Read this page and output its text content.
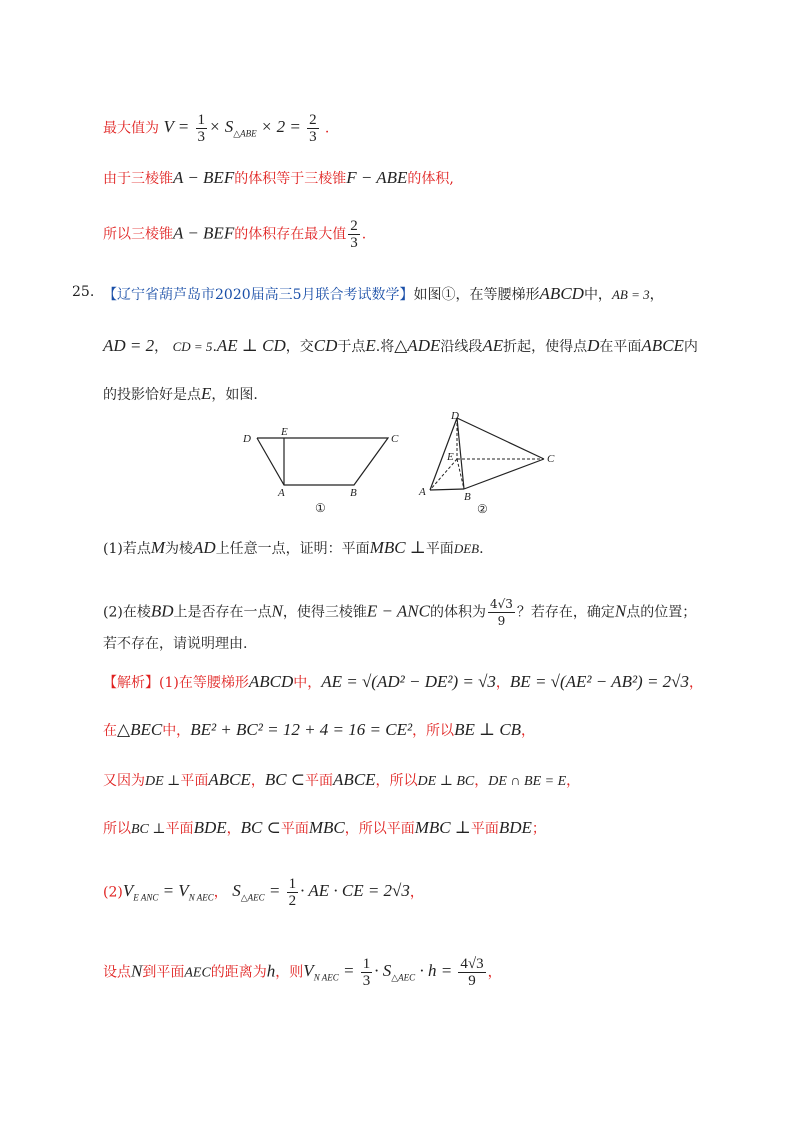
最大值为 $V = \frac{1}{3} \times S_{\triangle ABE} \times 2 = \frac{2}{3}$ .
由于三棱锥A − BEF的体积等于三棱锥F − ABE的体积,
所以三棱锥A − BEF的体积存在最大值 $\frac{2}{3}$ .
25. 【辽宁省葫芦岛市2020届高三5月联合考试数学】如图①，在等腰梯形ABCD中，AB = 3，
AD = 2， CD = 5.AE ⊥ CD，交CD于点E.将△ADE沿线段AE折起，使得点D在平面ABCE内
的投影恰好是点E，如图.
D
E
C
A	B
①
D
E	C
A	B
②
(1)若点M为棱AD上任意一点，证明：平面MBC ⊥平面DEB.
(2)在棱BD上是否存在一点N，使得三棱锥E − ANC的体积为 $\frac{4√3}{9}$ ？若存在，确定N点的位置；
若不存在，请说明理由.
【解析】(1)在等腰梯形ABCD中，AE = √(AD² − DE²) = √3，BE = √(AE² − AB²) = 2√3，
在△BEC中，BE² + BC² = 12 + 4 = 16 = CE²，所以BE ⊥ CB，
又因为DE ⊥平面ABCE，BC ⊂平面ABCE，所以DE ⊥ BC，DE ∩ BE = E，
所以BC ⊥平面BDE，BC ⊂平面MBC，所以平面MBC ⊥平面BDE；
$(2)V_{E ANC} = V_{N AEC}$， $S_{\triangle AEC} = \frac{1}{2}$ · AE · CE = 2√3，
设点N到平面AEC的距离为h，则$V_{N AEC} = \frac{1}{3} \cdot S_{\triangle AEC} \cdot h = \frac{4√3}{9}$ ，
